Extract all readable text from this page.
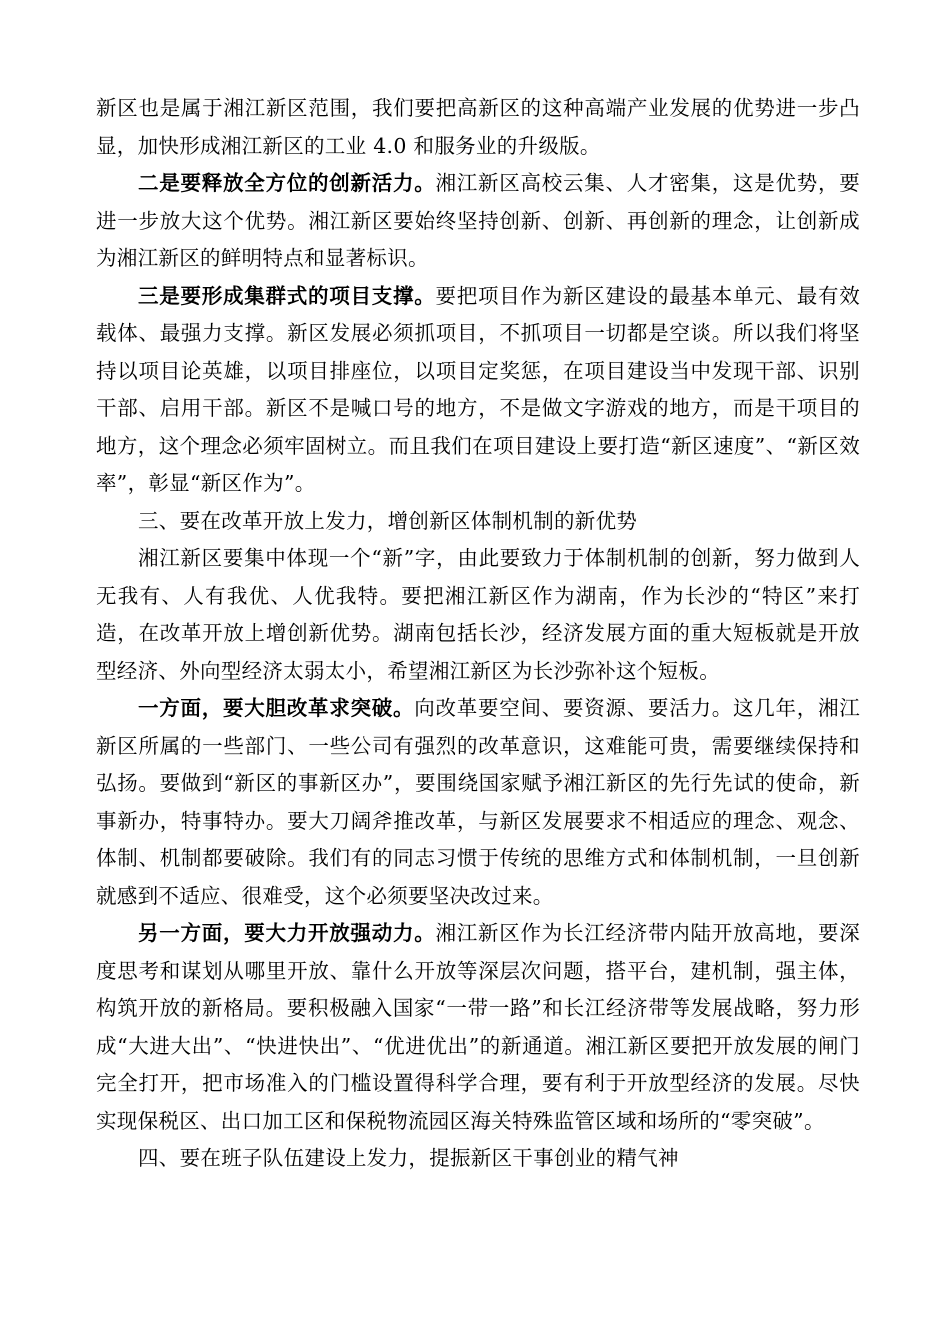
新区也是属于湘江新区范围，我们要把高新区的这种高端产业发展的优势进一步凸显，加快形成湘江新区的工业 4.0 和服务业的升级版。

二是要释放全方位的创新活力。湘江新区高校云集、人才密集，这是优势，要进一步放大这个优势。湘江新区要始终坚持创新、创新、再创新的理念，让创新成为湘江新区的鲜明特点和显著标识。

三是要形成集群式的项目支撑。要把项目作为新区建设的最基本单元、最有效载体、最强力支撑。新区发展必须抓项目，不抓项目一切都是空谈。所以我们将坚持以项目论英雄，以项目排座位，以项目定奖惩，在项目建设当中发现干部、识别干部、启用干部。新区不是喊口号的地方，不是做文字游戏的地方，而是干项目的地方，这个理念必须牢固树立。而且我们在项目建设上要打造“新区速度”、“新区效率”，彰显“新区作为”。

三、要在改革开放上发力，增创新区体制机制的新优势

湘江新区要集中体现一个“新”字，由此要致力于体制机制的创新，努力做到人无我有、人有我优、人优我特。要把湘江新区作为湖南，作为长沙的“特区”来打造，在改革开放上增创新优势。湖南包括长沙，经济发展方面的重大短板就是开放型经济、外向型经济太弱太小，希望湘江新区为长沙弥补这个短板。

一方面，要大胆改革求突破。向改革要空间、要资源、要活力。这几年，湘江新区所属的一些部门、一些公司有强烈的改革意识，这难能可贵，需要继续保持和弘扬。要做到“新区的事新区办”，要围绕国家赋予湘江新区的先行先试的使命，新事新办，特事特办。要大刀阔斧推改革，与新区发展要求不相适应的理念、观念、体制、机制都要破除。我们有的同志习惯于传统的思维方式和体制机制，一旦创新就感到不适应、很难受，这个必须要坚决改过来。

另一方面，要大力开放强动力。湘江新区作为长江经济带内陆开放高地，要深度思考和谋划从哪里开放、靠什么开放等深层次问题，搭平台，建机制，强主体，构筑开放的新格局。要积极融入国家“一带一路”和长江经济带等发展战略，努力形成“大进大出”、“快进快出”、“优进优出”的新通道。湘江新区要把开放发展的闸门完全打开，把市场准入的门槛设置得科学合理，要有利于开放型经济的发展。尽快实现保税区、出口加工区和保税物流园区海关特殊监管区域和场所的“零突破”。

四、要在班子队伍建设上发力，提振新区干事创业的精气神
